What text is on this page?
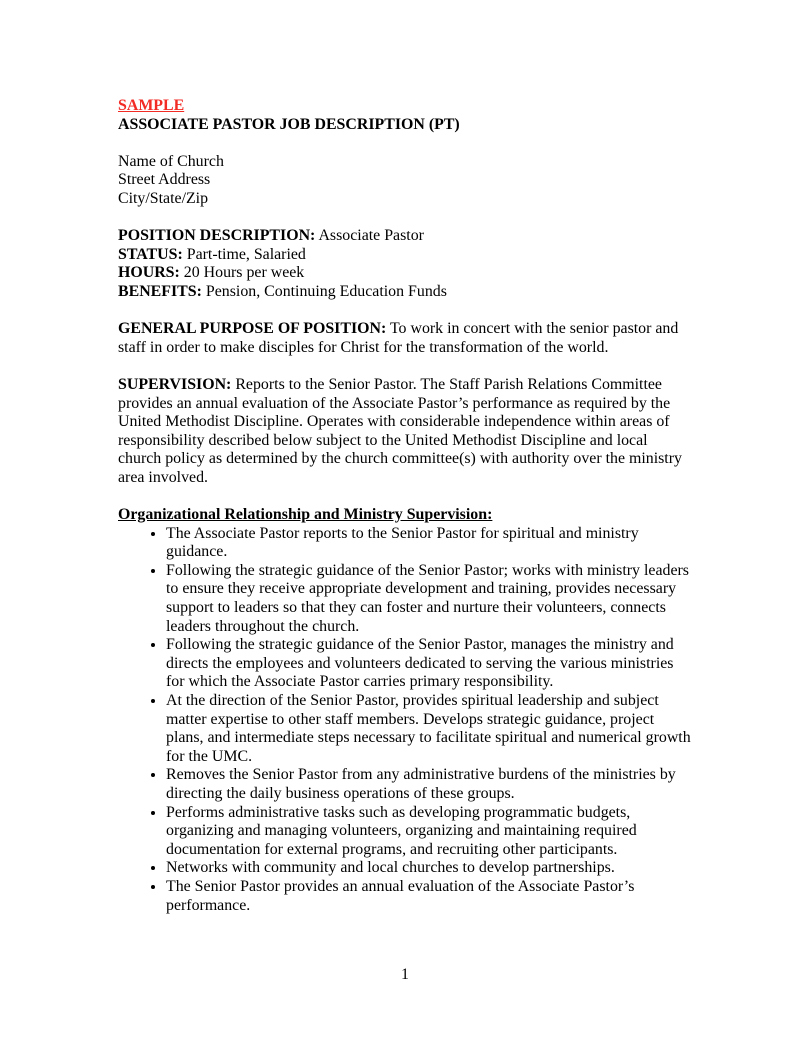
SAMPLE
ASSOCIATE PASTOR JOB DESCRIPTION (PT)
Name of Church
Street Address
City/State/Zip
POSITION DESCRIPTION: Associate Pastor
STATUS: Part-time, Salaried
HOURS: 20 Hours per week
BENEFITS: Pension, Continuing Education Funds
GENERAL PURPOSE OF POSITION: To work in concert with the senior pastor and staff in order to make disciples for Christ for the transformation of the world.
SUPERVISION: Reports to the Senior Pastor. The Staff Parish Relations Committee provides an annual evaluation of the Associate Pastor’s performance as required by the United Methodist Discipline. Operates with considerable independence within areas of responsibility described below subject to the United Methodist Discipline and local church policy as determined by the church committee(s) with authority over the ministry area involved.
Organizational Relationship and Ministry Supervision:
• The Associate Pastor reports to the Senior Pastor for spiritual and ministry guidance.
• Following the strategic guidance of the Senior Pastor; works with ministry leaders to ensure they receive appropriate development and training, provides necessary support to leaders so that they can foster and nurture their volunteers, connects leaders throughout the church.
• Following the strategic guidance of the Senior Pastor, manages the ministry and directs the employees and volunteers dedicated to serving the various ministries for which the Associate Pastor carries primary responsibility.
• At the direction of the Senior Pastor, provides spiritual leadership and subject matter expertise to other staff members. Develops strategic guidance, project plans, and intermediate steps necessary to facilitate spiritual and numerical growth for the UMC.
• Removes the Senior Pastor from any administrative burdens of the ministries by directing the daily business operations of these groups.
• Performs administrative tasks such as developing programmatic budgets, organizing and managing volunteers, organizing and maintaining required documentation for external programs, and recruiting other participants.
• Networks with community and local churches to develop partnerships.
• The Senior Pastor provides an annual evaluation of the Associate Pastor’s performance.
1
